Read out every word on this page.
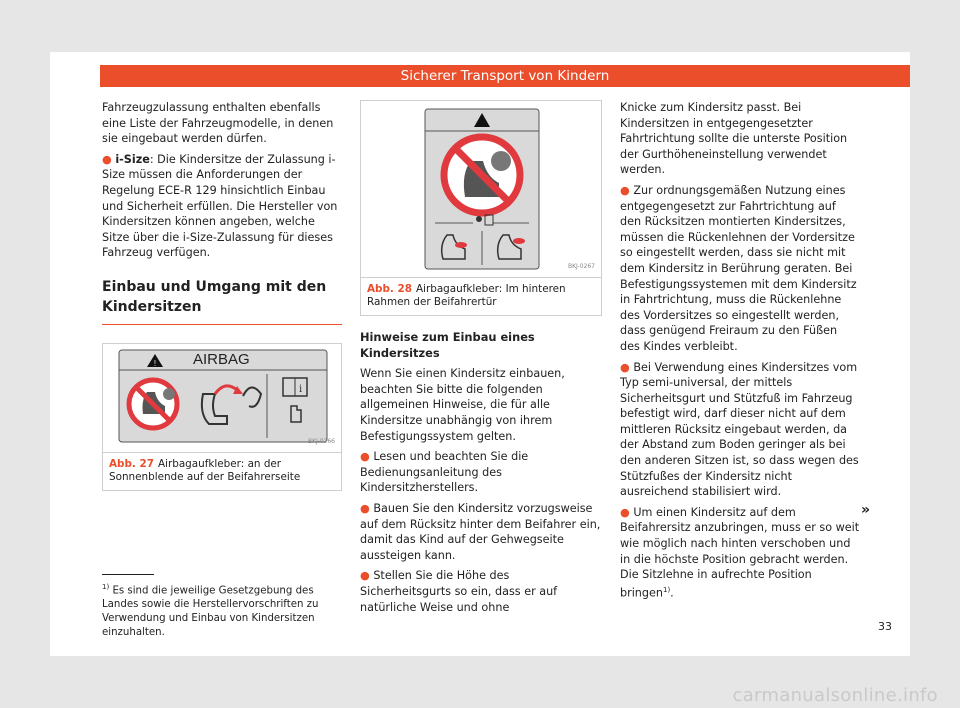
Sicherer Transport von Kindern

Fahrzeugzulassung enthalten ebenfalls eine Liste der Fahrzeugmodelle, in denen sie eingebaut werden dürfen.

● i-Size: Die Kindersitze der Zulassung i-Size müssen die Anforderungen der Regelung ECE-R 129 hinsichtlich Einbau und Sicherheit erfüllen. Die Hersteller von Kindersitzen können angeben, welche Sitze über die i-Size-Zulassung für dieses Fahrzeug verfügen.

Einbau und Umgang mit den Kindersitzen
!
i
AIRBAG
BKJ-0266
Abb. 27 Airbagaufkleber: an der Sonnenblende auf der Beifahrerseite
BKJ-0267
Abb. 28 Airbagaufkleber: Im hinteren Rahmen der Beifahrertür
Hinweise zum Einbau eines Kindersitzes

Wenn Sie einen Kindersitz einbauen, beachten Sie bitte die folgenden allgemeinen Hinweise, die für alle Kindersitze unabhängig von ihrem Befestigungssystem gelten.

● Lesen und beachten Sie die Bedienungsanleitung des Kindersitzherstellers.

● Bauen Sie den Kindersitz vorzugsweise auf dem Rücksitz hinter dem Beifahrer ein, damit das Kind auf der Gehwegseite aussteigen kann.

● Stellen Sie die Höhe des Sicherheitsgurts so ein, dass er auf natürliche Weise und ohne

Knicke zum Kindersitz passt. Bei Kindersitzen in entgegengesetzter Fahrtrichtung sollte die unterste Position der Gurthöheneinstellung verwendet werden.

● Zur ordnungsgemäßen Nutzung eines entgegengesetzt zur Fahrtrichtung auf den Rücksitzen montierten Kindersitzes, müssen die Rückenlehnen der Vordersitze so eingestellt werden, dass sie nicht mit dem Kindersitz in Berührung geraten. Bei Befestigungssystemen mit dem Kindersitz in Fahrtrichtung, muss die Rückenlehne des Vordersitzes so eingestellt werden, dass genügend Freiraum zu den Füßen des Kindes verbleibt.

● Bei Verwendung eines Kindersitzes vom Typ semi-universal, der mittels Sicherheitsgurt und Stützfuß im Fahrzeug befestigt wird, darf dieser nicht auf dem mittleren Rücksitz eingebaut werden, da der Abstand zum Boden geringer als bei den anderen Sitzen ist, so dass wegen des Stützfußes der Kindersitz nicht ausreichend stabilisiert wird.

● Um einen Kindersitz auf dem Beifahrersitz anzubringen, muss er so weit wie möglich nach hinten verschoben und in die höchste Position gebracht werden. Die Sitzlehne in aufrechte Position bringen$^{1)}$.

»
$^{1)}$ Es sind die jeweilige Gesetzgebung des Landes sowie die Herstellervorschriften zu Verwendung und Einbau von Kindersitzen einzuhalten.	33
carmanualsonline.info
